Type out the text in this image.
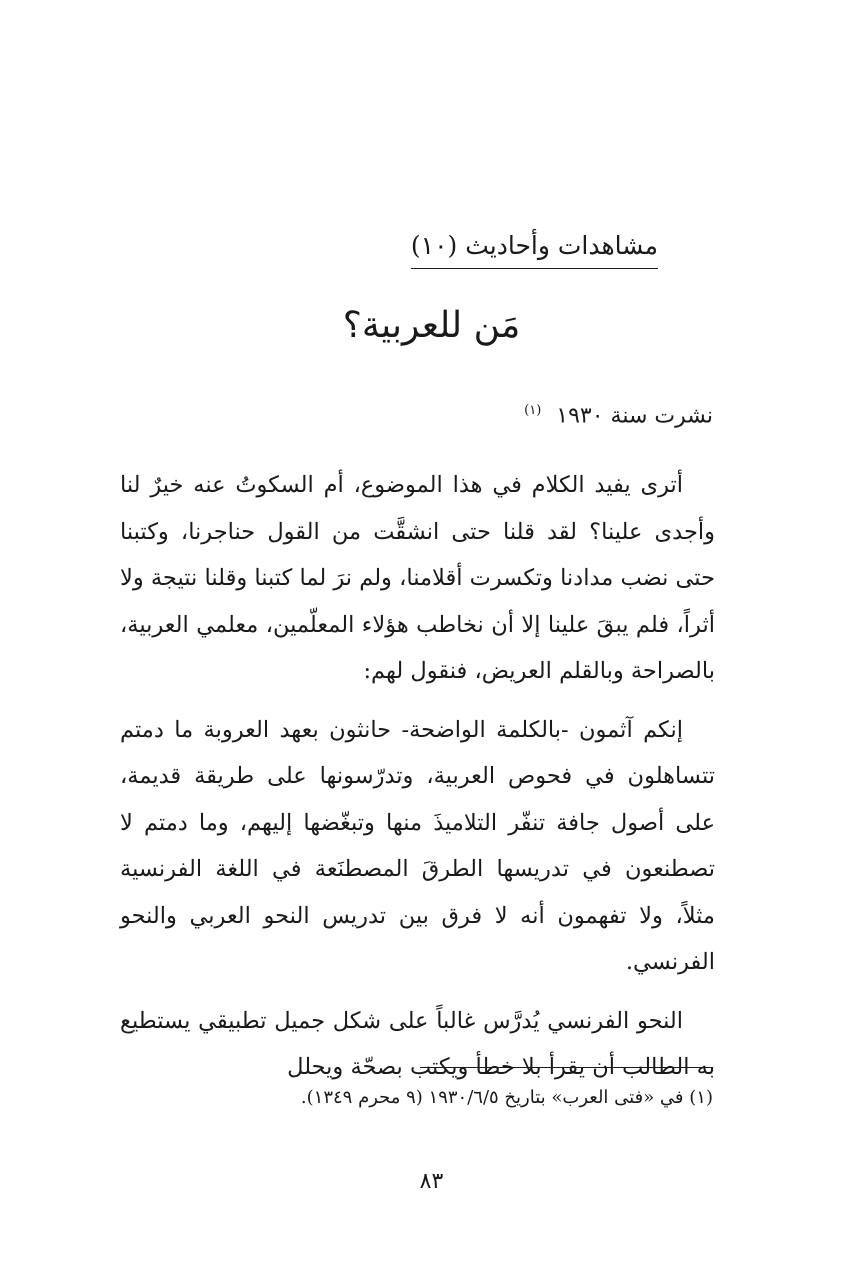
مشاهدات وأحاديث (١٠)
مَن للعربية؟
نشرت سنة ١٩٣٠ $^{(١)}$

أترى يفيد الكلام في هذا الموضوع، أم السكوتُ عنه خيرٌ لنا وأجدى علينا؟ لقد قلنا حتى انشقَّت من القول حناجرنا، وكتبنا حتى نضب مدادنا وتكسرت أقلامنا، ولم نرَ لما كتبنا وقلنا نتيجة ولا أثراً، فلم يبقَ علينا إلا أن نخاطب هؤلاء المعلّمين، معلمي العربية، بالصراحة وبالقلم العريض، فنقول لهم:

إنكم آثمون -بالكلمة الواضحة- حانثون بعهد العروبة ما دمتم تتساهلون في فحوص العربية، وتدرّسونها على طريقة قديمة، على أصول جافة تنفّر التلاميذَ منها وتبغّضها إليهم، وما دمتم لا تصطنعون في تدريسها الطرقَ المصطنَعة في اللغة الفرنسية مثلاً، ولا تفهمون أنه لا فرق بين تدريس النحو العربي والنحو الفرنسي.

النحو الفرنسي يُدرَّس غالباً على شكل جميل تطبيقي يستطيع به الطالب أن يقرأ بلا خطأ ويكتب بصحّة ويحلل

(١) في «فتى العرب» بتاريخ ١٩٣٠/٦/٥ (٩ محرم ١٣٤٩).
٨٣
